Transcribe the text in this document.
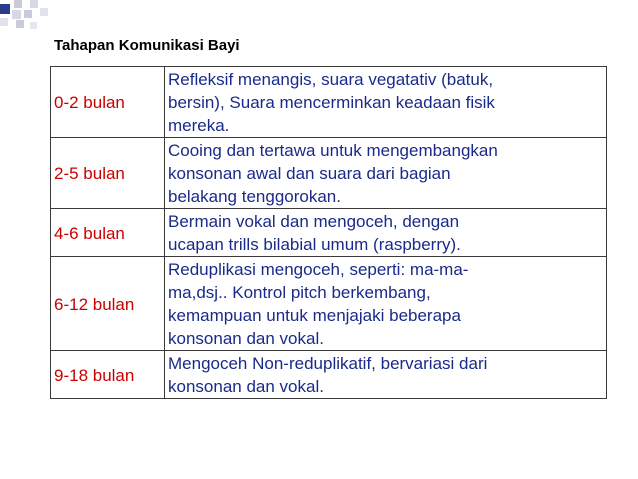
Tahapan Komunikasi Bayi
0-2 bulan	Refleksif menangis, suara vegatativ (batuk,
bersin), Suara mencerminkan keadaan fisik
mereka.

2-5 bulan	Cooing dan tertawa untuk mengembangkan
konsonan awal dan suara dari bagian
belakang tenggorokan.

4-6 bulan	Bermain vokal dan mengoceh, dengan
ucapan trills bilabial umum (raspberry).

6-12 bulan	Reduplikasi mengoceh, seperti: ma-ma-
ma,dsj.. Kontrol pitch berkembang,
kemampuan untuk menjajaki beberapa
konsonan dan vokal.

9-18 bulan	Mengoceh Non-reduplikatif, bervariasi dari
konsonan dan vokal.
